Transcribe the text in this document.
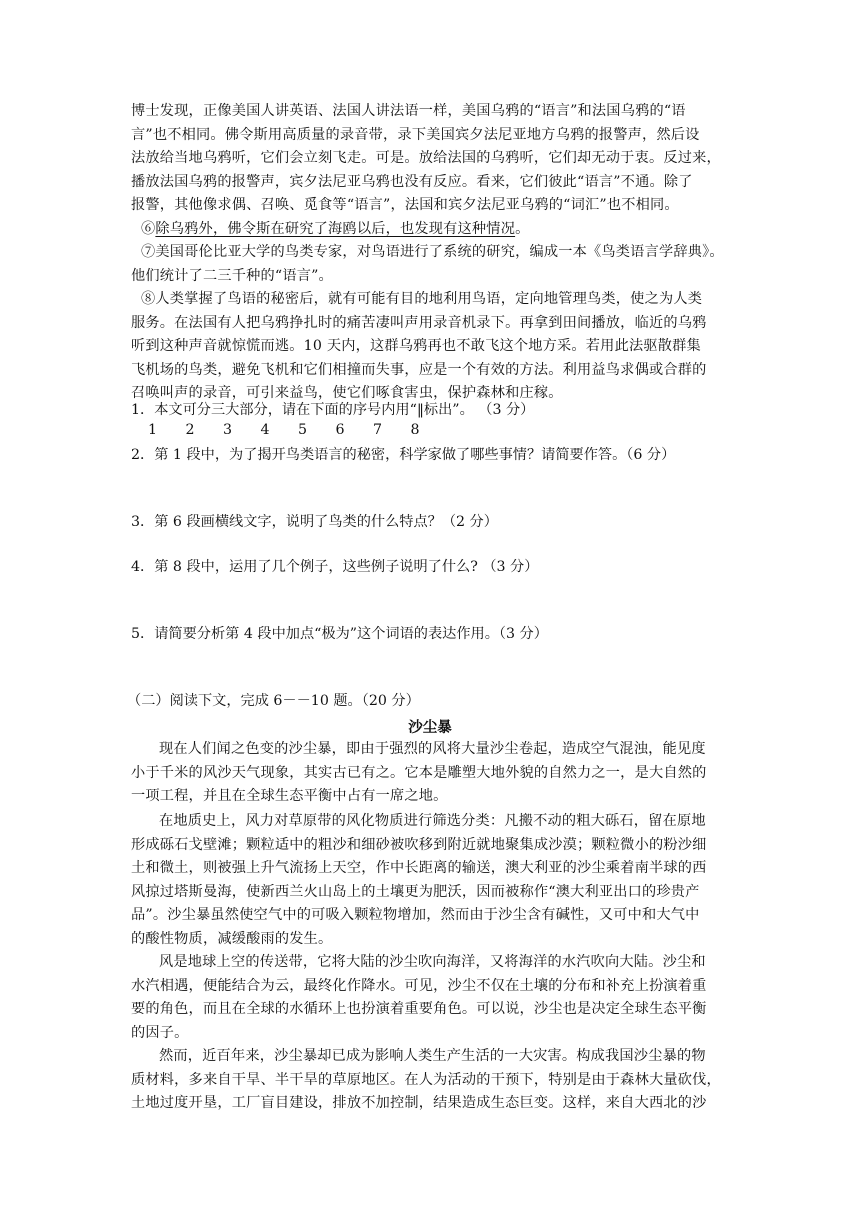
博士发现，正像美国人讲英语、法国人讲法语一样，美国乌鸦的“语言”和法国乌鸦的“语
言”也不相同。佛令斯用高质量的录音带，录下美国宾夕法尼亚地方乌鸦的报警声，然后设
法放给当地乌鸦听，它们会立刻飞走。可是。放给法国的乌鸦听，它们却无动于衷。反过来，
播放法国乌鸦的报警声，宾夕法尼亚乌鸦也没有反应。看来，它们彼此“语言”不通。除了
报警，其他像求偶、召唤、觅食等“语言”，法国和宾夕法尼亚乌鸦的“词汇”也不相同。
⑥除乌鸦外，佛令斯在研究了海鸥以后，也发现有这种情况。
⑦美国哥伦比亚大学的鸟类专家，对鸟语进行了系统的研究，编成一本《鸟类语言学辞典》。
他们统计了二三千种的“语言”。
⑧人类掌握了鸟语的秘密后，就有可能有目的地利用鸟语，定向地管理鸟类，使之为人类
服务。在法国有人把乌鸦挣扎时的痛苦凄叫声用录音机录下。再拿到田间播放，临近的乌鸦
听到这种声音就惊慌而逃。10 天内，这群乌鸦再也不敢飞这个地方采。若用此法驱散群集
飞机场的鸟类，避免飞机和它们相撞而失事，应是一个有效的方法。利用益鸟求偶或合群的
召唤叫声的录音，可引来益鸟，使它们啄食害虫，保护森林和庄稼。
1．本文可分三大部分，请在下面的序号内用“‖标出”。 （3 分）
1 2 3 4 5 6 7 8
2．第 1 段中，为了揭开鸟类语言的秘密，科学家做了哪些事情？请简要作答。（6 分）
3．第 6 段画横线文字，说明了鸟类的什么特点？（2 分）
4．第 8 段中，运用了几个例子，这些例子说明了什么? （3 分）
5．请简要分析第 4 段中加点“极为”这个词语的表达作用。（3 分）
（二）阅读下文，完成 6－－10 题。（20 分）
沙尘暴
现在人们闻之色变的沙尘暴，即由于强烈的风将大量沙尘卷起，造成空气混浊，能见度
小于千米的风沙天气现象，其实古已有之。它本是雕塑大地外貌的自然力之一，是大自然的
一项工程，并且在全球生态平衡中占有一席之地。
在地质史上，风力对草原带的风化物质进行筛选分类：凡搬不动的粗大砾石，留在原地
形成砾石戈壁滩；颗粒适中的粗沙和细砂被吹移到附近就地聚集成沙漠；颗粒微小的粉沙细
土和微土，则被强上升气流扬上天空，作中长距离的输送，澳大利亚的沙尘乘着南半球的西
风掠过塔斯曼海，使新西兰火山岛上的土壤更为肥沃，因而被称作“澳大利亚出口的珍贵产
品”。沙尘暴虽然使空气中的可吸入颗粒物增加，然而由于沙尘含有碱性，又可中和大气中
的酸性物质，减缓酸雨的发生。
风是地球上空的传送带，它将大陆的沙尘吹向海洋，又将海洋的水汽吹向大陆。沙尘和
水汽相遇，便能结合为云，最终化作降水。可见，沙尘不仅在土壤的分布和补充上扮演着重
要的角色，而且在全球的水循环上也扮演着重要角色。可以说，沙尘也是决定全球生态平衡
的因子。
然而，近百年来，沙尘暴却已成为影响人类生产生活的一大灾害。构成我国沙尘暴的物
质材料，多来自干旱、半干旱的草原地区。在人为活动的干预下，特别是由于森林大量砍伐，
土地过度开垦，工厂盲目建设，排放不加控制，结果造成生态巨变。这样，来自大西北的沙
